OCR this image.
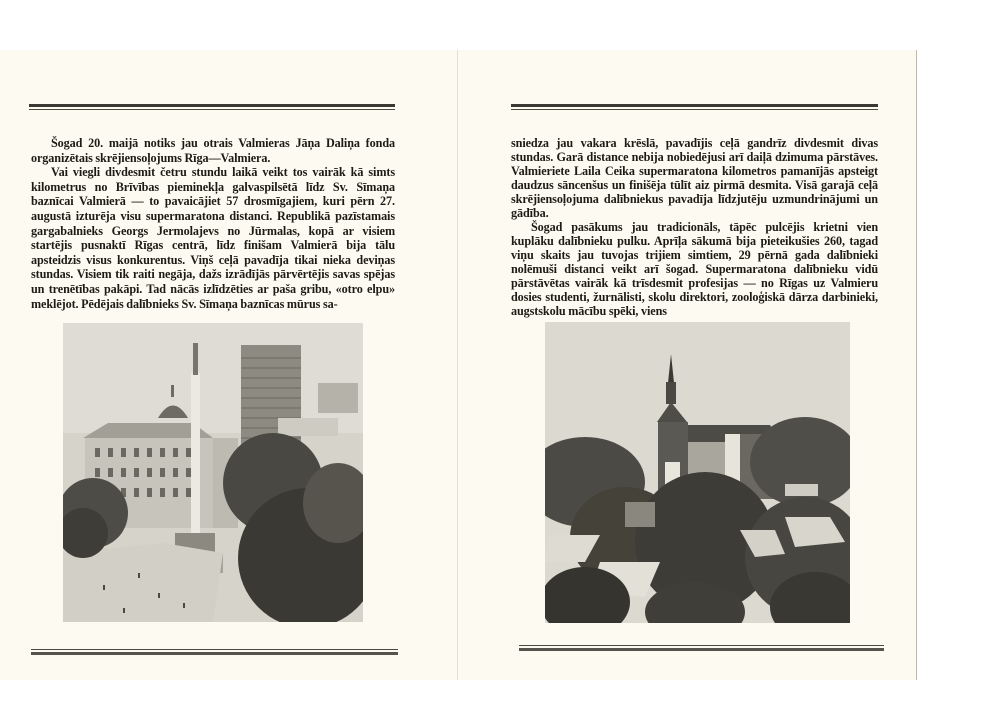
Šogad 20. maijā notiks jau otrais Valmieras Jāņa Daliņa fonda organizētais skrējiensoļojums Rīga—Valmiera.

Vai viegli divdesmit četru stundu laikā veikt tos vairāk kā simts kilometrus no Brīvības pieminekļa galvaspilsētā līdz Sv. Sīmaņa baznīcai Valmierā — to pavaicājiet 57 drosmīgajiem, kuri pērn 27. augustā izturēja visu supermaratona distanci. Republikā pazīstamais gargabalnieks Georgs Jermolajevs no Jūrmalas, kopā ar visiem startējis pusnaktī Rīgas centrā, līdz finišam Valmierā bija tālu apsteidzis visus konkurentus. Viņš ceļā pavadīja tikai nieka deviņas stundas. Visiem tik raiti negāja, dažs izrādījās pārvērtējis savas spējas un trenētības pakāpi. Tad nācās izlīdzēties ar paša gribu, «otro elpu» meklējot. Pēdējais dalībnieks Sv. Sīmaņa baznīcas mūrus sa-

sniedza jau vakara krēslā, pavadījis ceļā gandrīz divdesmit divas stundas. Garā distance nebija nobiedējusi arī daiļā dzimuma pārstāves. Valmieriete Laila Ceika supermaratona kilometros pamanījās apsteigt daudzus sāncenšus un finišēja tūlīt aiz pirmā desmita. Visā garajā ceļā skrējiensoļojuma dalībniekus pavadīja līdzjutēju uzmundrinājumi un gādība.

Šogad pasākums jau tradicionāls, tāpēc pulcējis krietni vien kuplāku dalībnieku pulku. Aprīļa sākumā bija pieteikušies 260, tagad viņu skaits jau tuvojas trijiem simtiem, 29 pērnā gada dalībnieki nolēmuši distanci veikt arī šogad. Supermaratona dalībnieku vidū pārstāvētas vairāk kā trīsdesmit profesijas — no Rīgas uz Valmieru dosies studenti, žurnālisti, skolu direktori, zooloģiskā dārza darbinieki, augstskolu mācību spēki, viens
